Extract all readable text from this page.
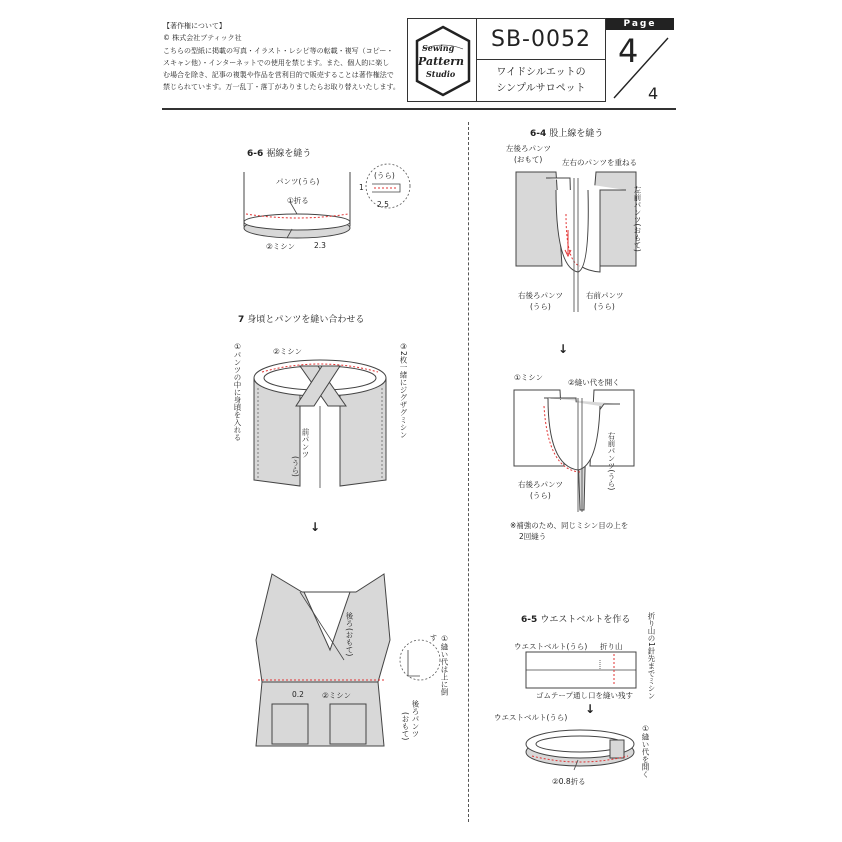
【著作権について】
© 株式会社ブティック社
こちらの型紙に掲載の写真・イラスト・レシピ等の転載・複写（コピー・
スキャン他）・インターネットでの使用を禁じます。また、個人的に楽し
む場合を除き、記事の複製や作品を営利目的で販売することは著作権法で
禁じられています。万一乱丁・落丁がありましたらお取り替えいたします。
Sewing
Pattern
Studio
SB-0052
ワイドシルエットの
シンプルサロペット
Page
4
4
6-6 裾線を縫う
パンツ(うら)
①折る
②ミシン	2.3
(うら)
1
2.5
7 身頃とパンツを縫い合わせる
①パンツの中に身頃を入れる	②ミシン	③2枚一緒にジグザグミシン
前パンツ
(うら)
↓
後ろ
(おもて)	①縫い代は上に倒す
0.2 ②ミシン
後ろパンツ
(おもて)
6-4 股上線を縫う
左後ろパンツ
(おもて)	左右のパンツを重ねる
左前パンツ(おもて)
右後ろパンツ
(うら)
右前パンツ
(うら)
↓
①ミシン
②縫い代を開く
右前パンツ(うら)
右後ろパンツ
(うら)
※補強のため、同じミシン目の上を
2回縫う
6-5 ウエストベルトを作る
ウエストベルト(うら) 折り山	折り山の1針先までミシン
ゴムテープ通し口を縫い残す
↓
ウエストベルト(うら)
①縫い代を開く
②0.8折る
